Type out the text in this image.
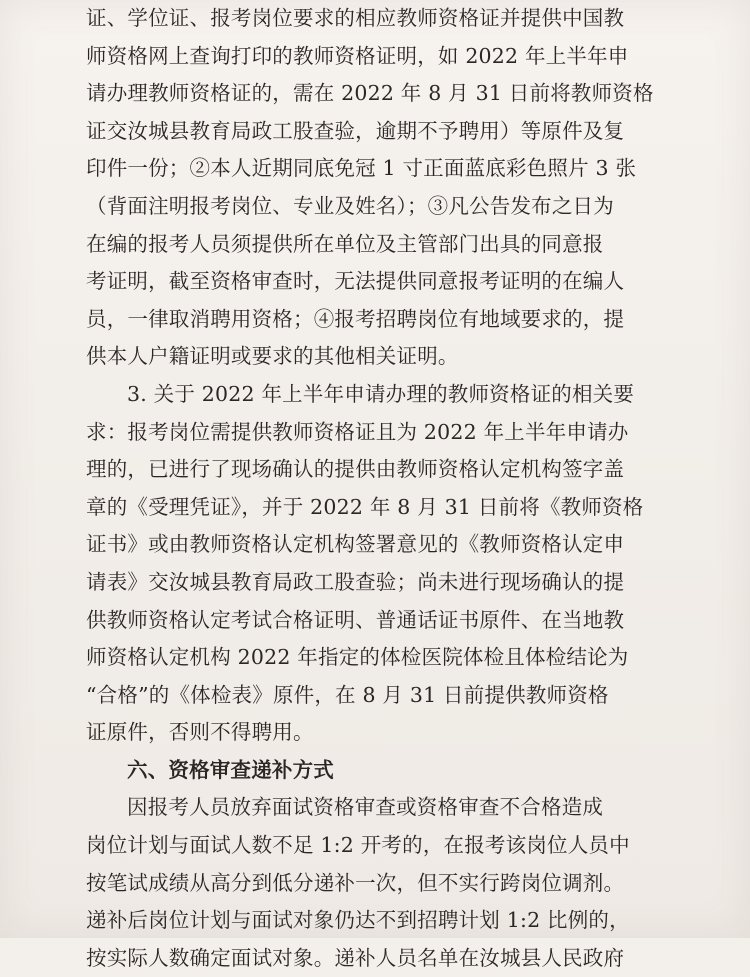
证、学位证、报考岗位要求的相应教师资格证并提供中国教
师资格网上查询打印的教师资格证明，如 2022 年上半年申
请办理教师资格证的，需在 2022 年 8 月 31 日前将教师资格
证交汝城县教育局政工股查验，逾期不予聘用）等原件及复
印件一份；②本人近期同底免冠 1 寸正面蓝底彩色照片 3 张
（背面注明报考岗位、专业及姓名）；③凡公告发布之日为
在编的报考人员须提供所在单位及主管部门出具的同意报
考证明，截至资格审查时，无法提供同意报考证明的在编人
员，一律取消聘用资格；④报考招聘岗位有地域要求的，提
供本人户籍证明或要求的其他相关证明。
3. 关于 2022 年上半年申请办理的教师资格证的相关要
求：报考岗位需提供教师资格证且为 2022 年上半年申请办
理的，已进行了现场确认的提供由教师资格认定机构签字盖
章的《受理凭证》，并于 2022 年 8 月 31 日前将《教师资格
证书》或由教师资格认定机构签署意见的《教师资格认定申
请表》交汝城县教育局政工股查验；尚未进行现场确认的提
供教师资格认定考试合格证明、普通话证书原件、在当地教
师资格认定机构 2022 年指定的体检医院体检且体检结论为
“合格”的《体检表》原件，在 8 月 31 日前提供教师资格
证原件，否则不得聘用。
六、资格审查递补方式
因报考人员放弃面试资格审查或资格审查不合格造成
岗位计划与面试人数不足 1:2 开考的，在报考该岗位人员中
按笔试成绩从高分到低分递补一次，但不实行跨岗位调剂。
递补后岗位计划与面试对象仍达不到招聘计划 1:2 比例的，
按实际人数确定面试对象。递补人员名单在汝城县人民政府
